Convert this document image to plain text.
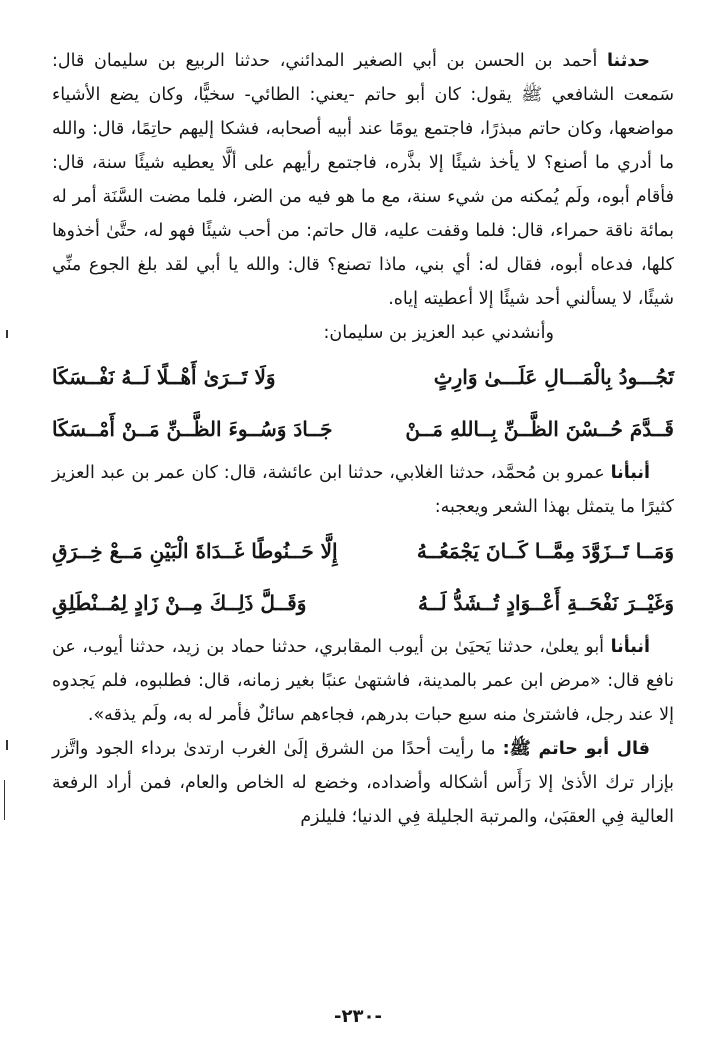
حدثنا أحمد بن الحسن بن أبي الصغير المدائني، حدثنا الربيع بن سليمان قال: سَمعت الشافعي ﷺ يقول: كان أبو حاتم -يعني: الطائي- سخيًّا، وكان يضع الأشياء مواضعها، وكان حاتم مبذرًا، فاجتمع يومًا عند أبيه أصحابه، فشكا إليهم حاتِمًا، قال: والله ما أدري ما أصنع؟ لا يأخذ شيئًا إلا بذَّره، فاجتمع رأيهم على ألَّا يعطيه شيئًا سنة، قال: فأقام أبوه، ولَم يُمكنه من شيء سنة، مع ما هو فيه من الضر، فلما مضت السَّنَة أمر له بمائة ناقة حمراء، قال: فلما وقفت عليه، قال حاتم: من أحب شيئًا فهو له، حتَّىٰ أخذوها كلها، فدعاه أبوه، فقال له: أي بني، ماذا تصنع؟ قال: والله يا أبي لقد بلغ الجوع منِّي شيئًا، لا يسألني أحد شيئًا إلا أعطيته إياه.

وأنشدني عبد العزيز بن سليمان:

تَجُـــودُ بِالْمَـــالِ عَلَـــىٰ وَارِثٍ
وَلَا تَــرَىٰ أَهْــلًا لَــهُ نَفْــسَكَا
قَــدَّمَ حُــسْنَ الظَّــنِّ بِــاللهِ مَــنْ
جَــادَ وَسُــوءَ الظَّــنِّ مَــنْ أَمْــسَكَا

أنبأنا عمرو بن مُحمَّد، حدثنا الغلابي، حدثنا ابن عائشة، قال: كان عمر بن عبد العزيز كثيرًا ما يتمثل بهذا الشعر ويعجبه:

وَمَــا تَــزَوَّدَ مِمَّــا كَــانَ يَجْمَعُــهُ
إِلَّا حَــنُوطًا غَــدَاةَ الْبَيْنِ مَــعْ خِــرَقِ
وَغَيْــرَ نَفْحَــةِ أَعْــوَادٍ تُــشَدُّ لَــهُ
وَقَــلَّ ذَلِــكَ مِــنْ زَادٍ لِمُــنْطَلِقِ

أنبأنا أبو يعلىٰ، حدثنا يَحيَىٰ بن أيوب المقابري، حدثنا حماد بن زيد، حدثنا أيوب، عن نافع قال: «مرض ابن عمر بالمدينة، فاشتهىٰ عنبًا بغير زمانه، قال: فطلبوه، فلم يَجدوه إلا عند رجل، فاشترىٰ منه سبع حبات بدرهم، فجاءهم سائلٌ فأمر له به، ولَم يذقه».

قال أبو حاتم ﷺ: ما رأيت أحدًا من الشرق إلَىٰ الغرب ارتدىٰ برداء الجود واتَّزر بإزار ترك الأذىٰ إلا رَأَس أشكاله وأضداده، وخضع له الخاص والعام، فمن أراد الرفعة العالية فِي العقبَىٰ، والمرتبة الجليلة فِي الدنيا؛ فليلزم

-٢٣٠-
